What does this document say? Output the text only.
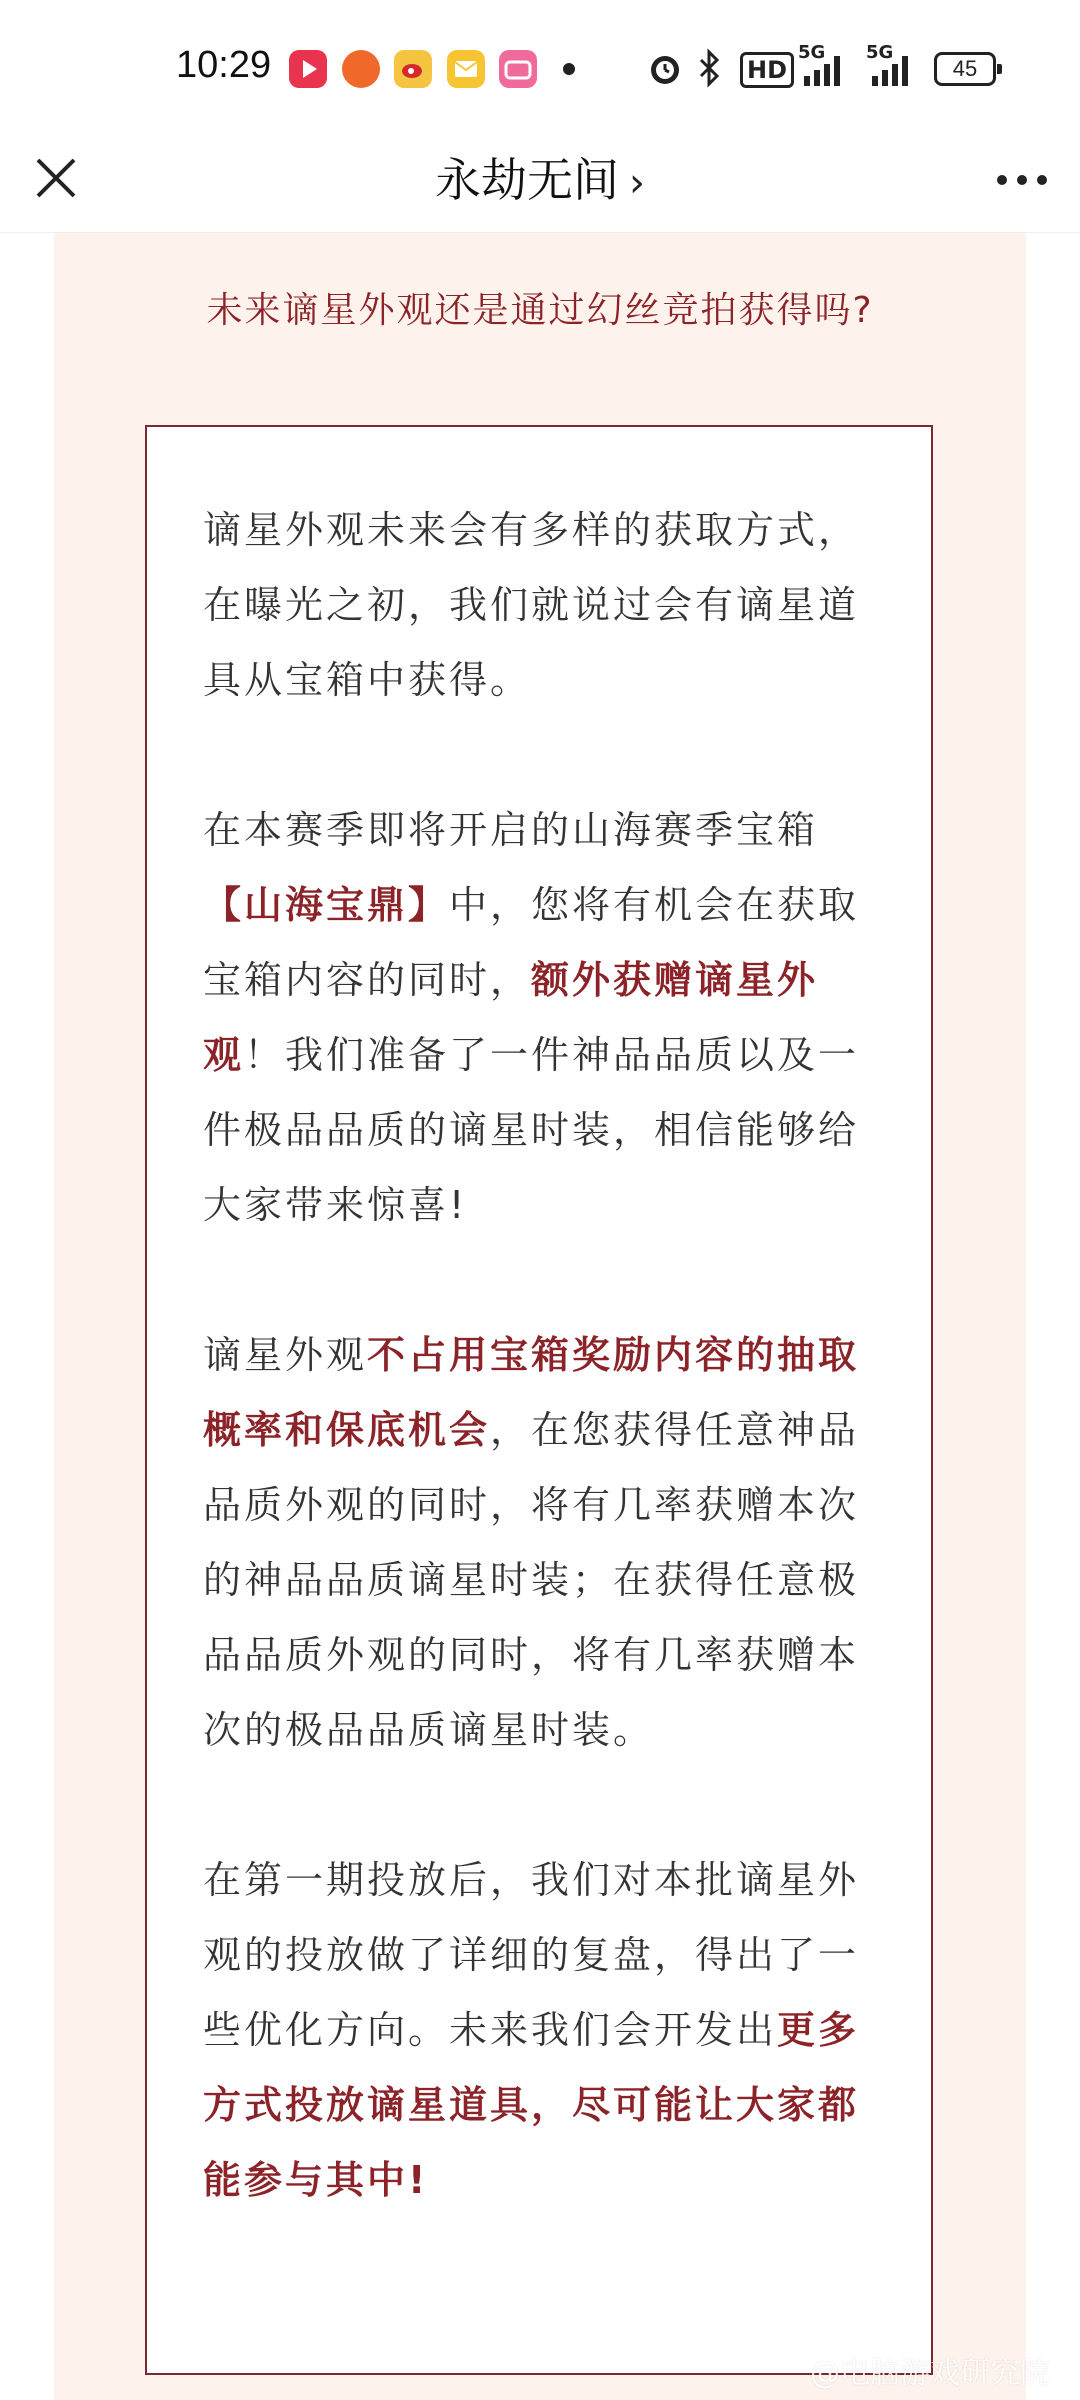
10:29	HD
5G 5G
45
永劫无间 ›
未来谪星外观还是通过幻丝竞拍获得吗?

谪星外观未来会有多样的获取方式，在曝光之初，我们就说过会有谪星道具从宝箱中获得。

在本赛季即将开启的山海赛季宝箱【山海宝鼎】中，您将有机会在获取宝箱内容的同时，额外获赠谪星外观！我们准备了一件神品品质以及一件极品品质的谪星时装，相信能够给大家带来惊喜!

谪星外观不占用宝箱奖励内容的抽取概率和保底机会，在您获得任意神品品质外观的同时，将有几率获赠本次的神品品质谪星时装；在获得任意极品品质外观的同时，将有几率获赠本次的极品品质谪星时装。

在第一期投放后，我们对本批谪星外观的投放做了详细的复盘，得出了一些优化方向。未来我们会开发出更多方式投放谪星道具，尽可能让大家都能参与其中!

@电脑游戏研究院
